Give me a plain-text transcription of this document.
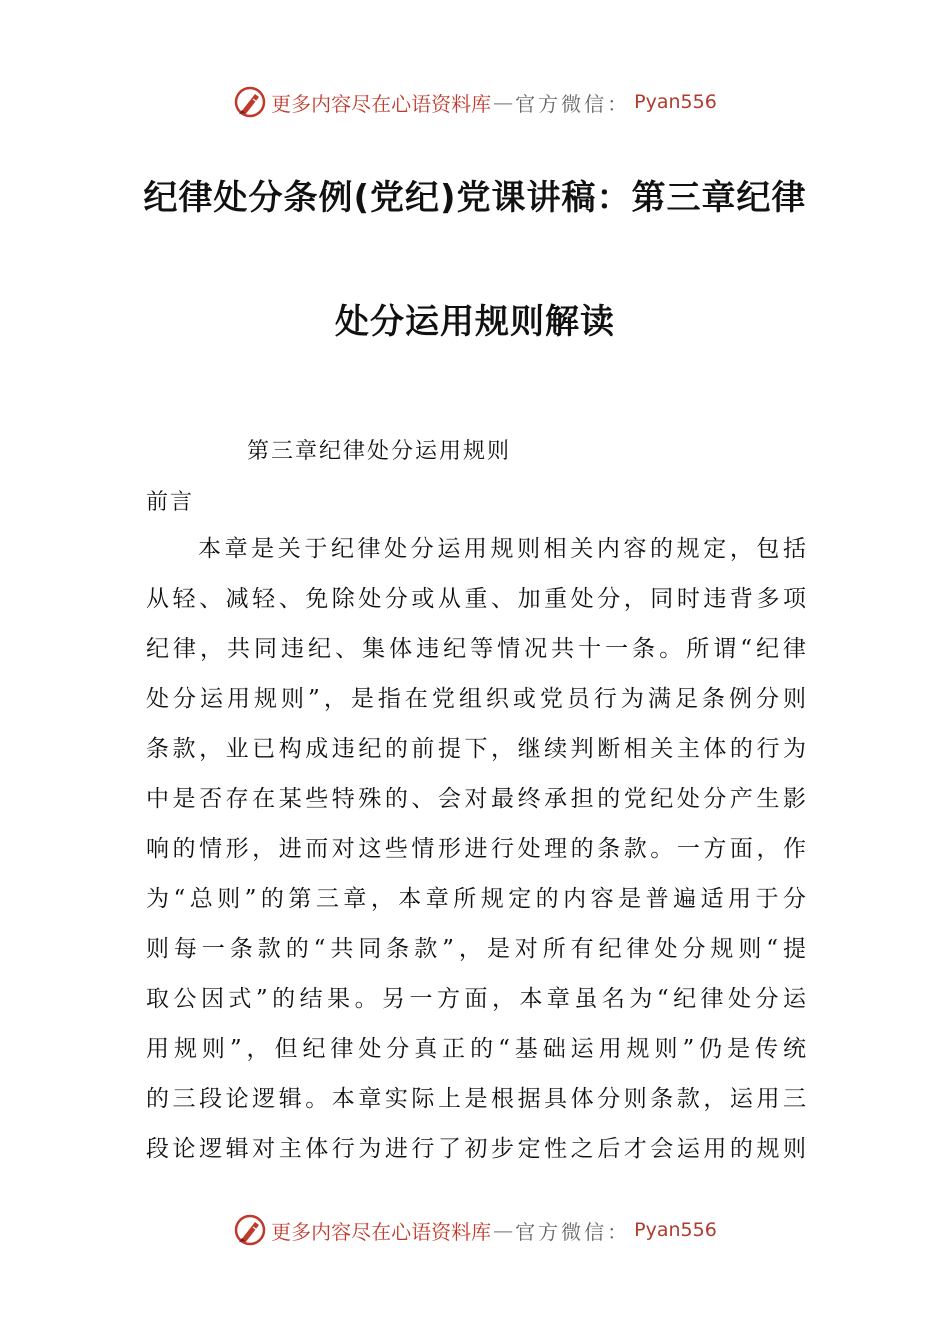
更多内容尽在心语资料库 — 官方微信： Pyan556
纪律处分条例(党纪)党课讲稿：第三章纪律
处分运用规则解读

第三章纪律处分运用规则

前言

本章是关于纪律处分运用规则相关内容的规定，包括

从轻、减轻、免除处分或从重、加重处分，同时违背多项

纪律，共同违纪、集体违纪等情况共十一条。所谓“纪律

处分运用规则”，是指在党组织或党员行为满足条例分则

条款，业已构成违纪的前提下，继续判断相关主体的行为

中是否存在某些特殊的、会对最终承担的党纪处分产生影

响的情形，进而对这些情形进行处理的条款。一方面，作

为“总则”的第三章，本章所规定的内容是普遍适用于分

则每一条款的“共同条款”，是对所有纪律处分规则“提

取公因式”的结果。另一方面，本章虽名为“纪律处分运

用规则”，但纪律处分真正的“基础运用规则”仍是传统

的三段论逻辑。本章实际上是根据具体分则条款，运用三

段论逻辑对主体行为进行了初步定性之后才会运用的规则

更多内容尽在心语资料库 — 官方微信： Pyan556
